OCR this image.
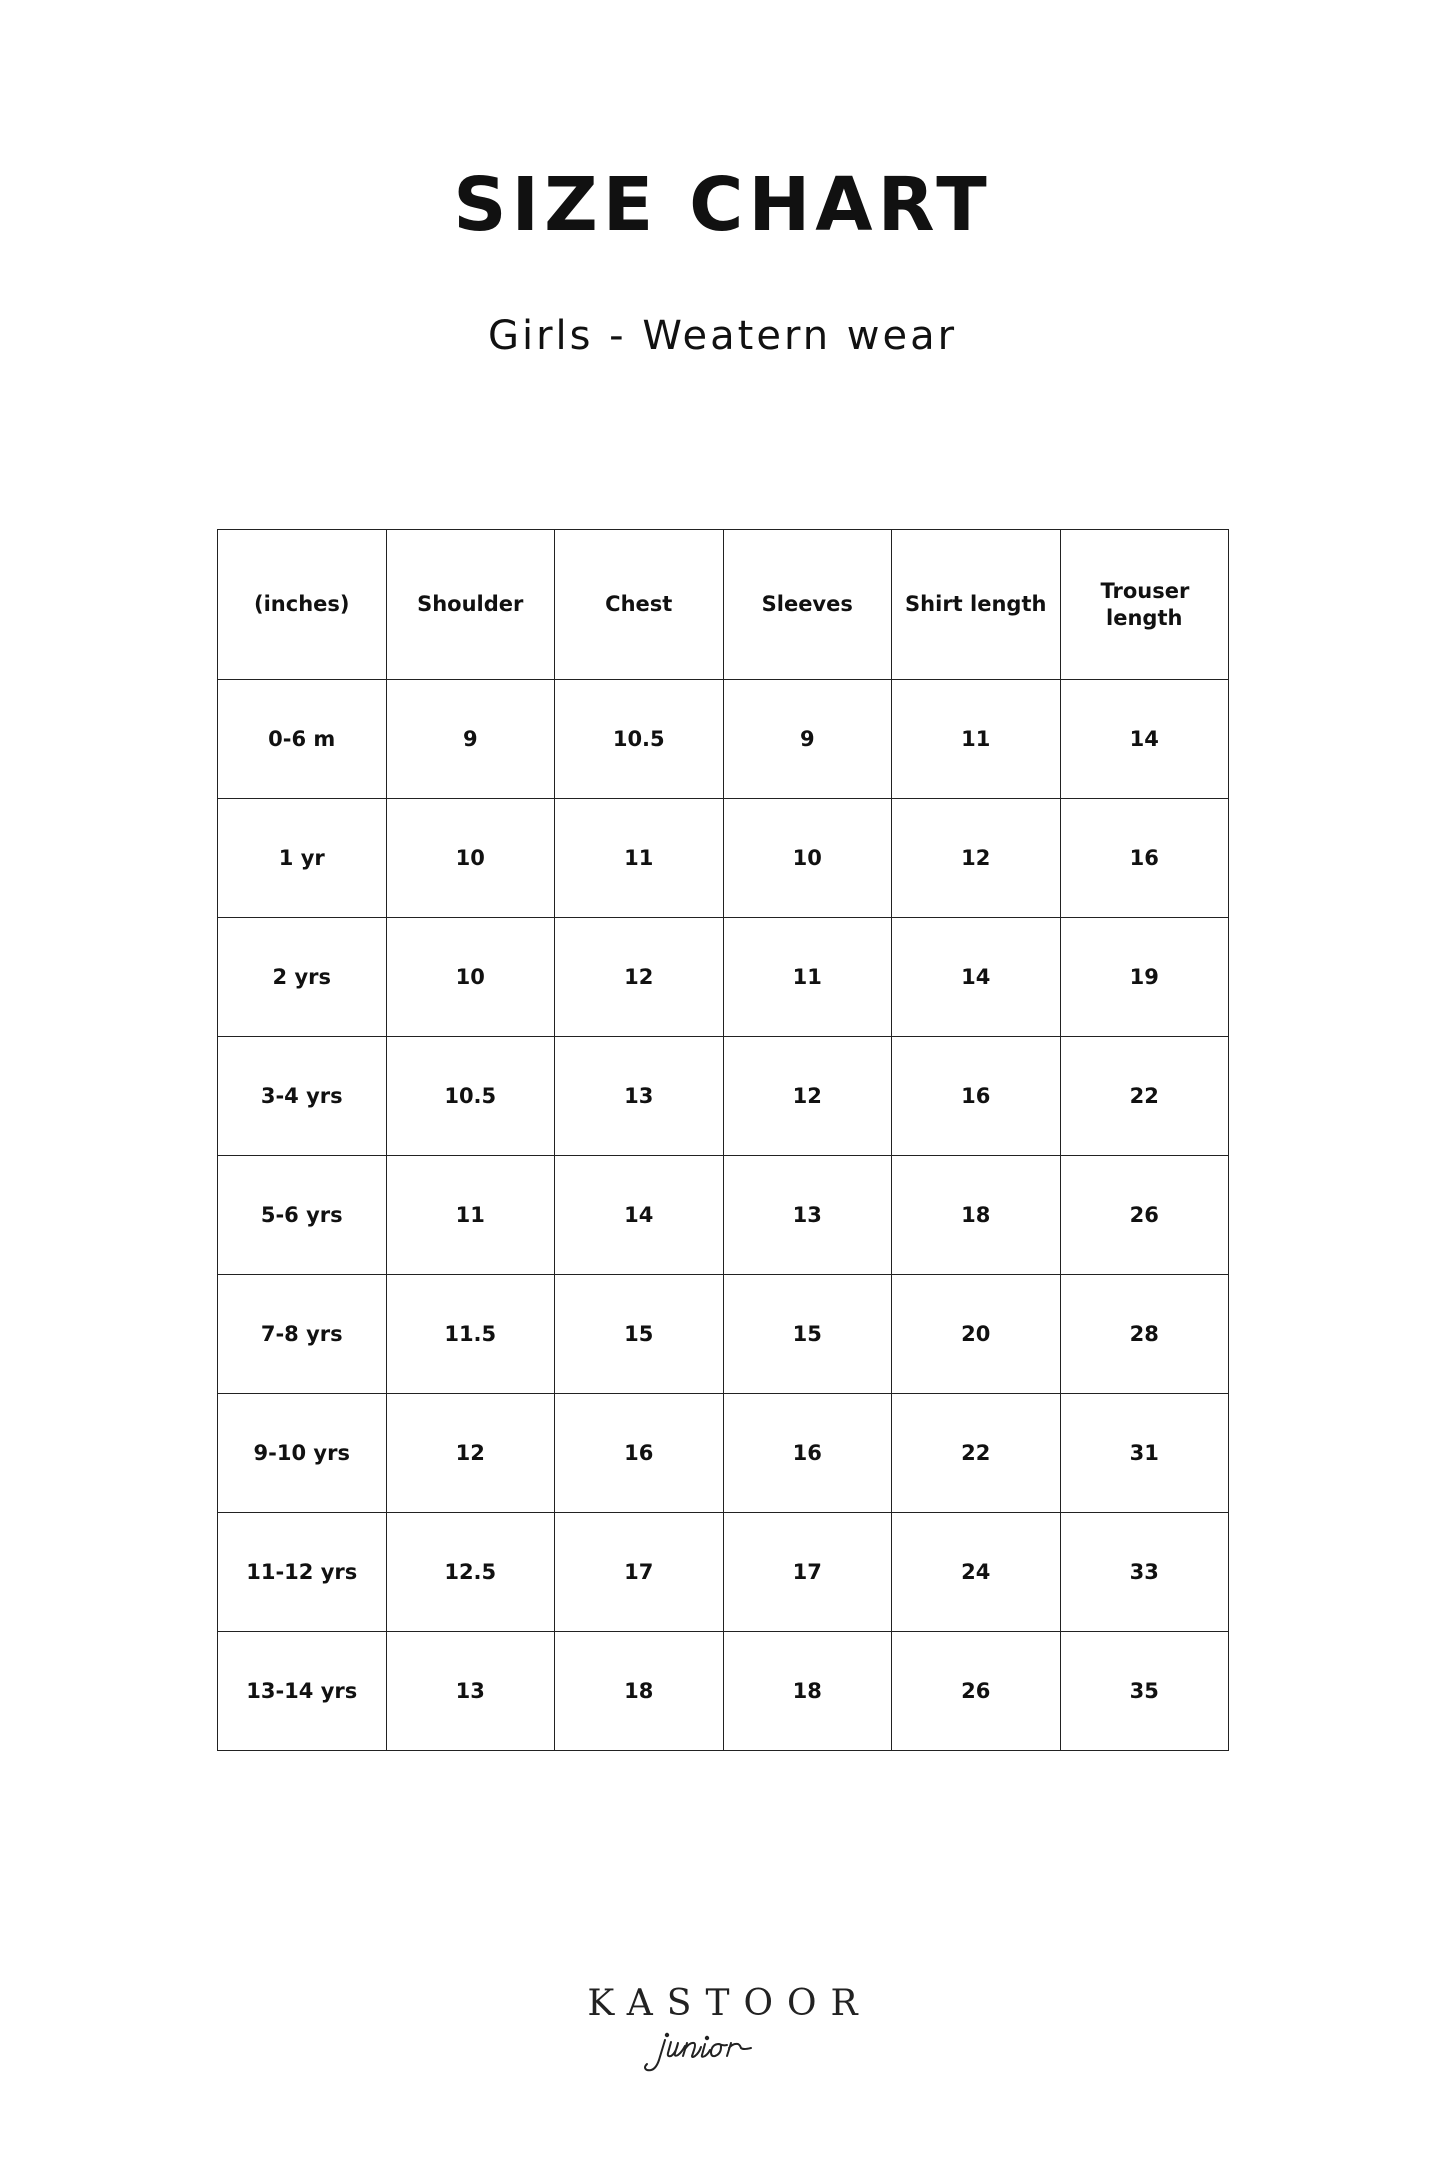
SIZE CHART
Girls - Weatern wear
(inches)	Shoulder	Chest	Sleeves	Shirt length	Trouser length
0-6 m	9	10.5	9	11	14
1 yr	10	11	10	12	16
2 yrs	10	12	11	14	19
3-4 yrs	10.5	13	12	16	22
5-6 yrs	11	14	13	18	26
7-8 yrs	11.5	15	15	20	28
9-10 yrs	12	16	16	22	31
11-12 yrs	12.5	17	17	24	33
13-14 yrs	13	18	18	26	35
KASTOOR
